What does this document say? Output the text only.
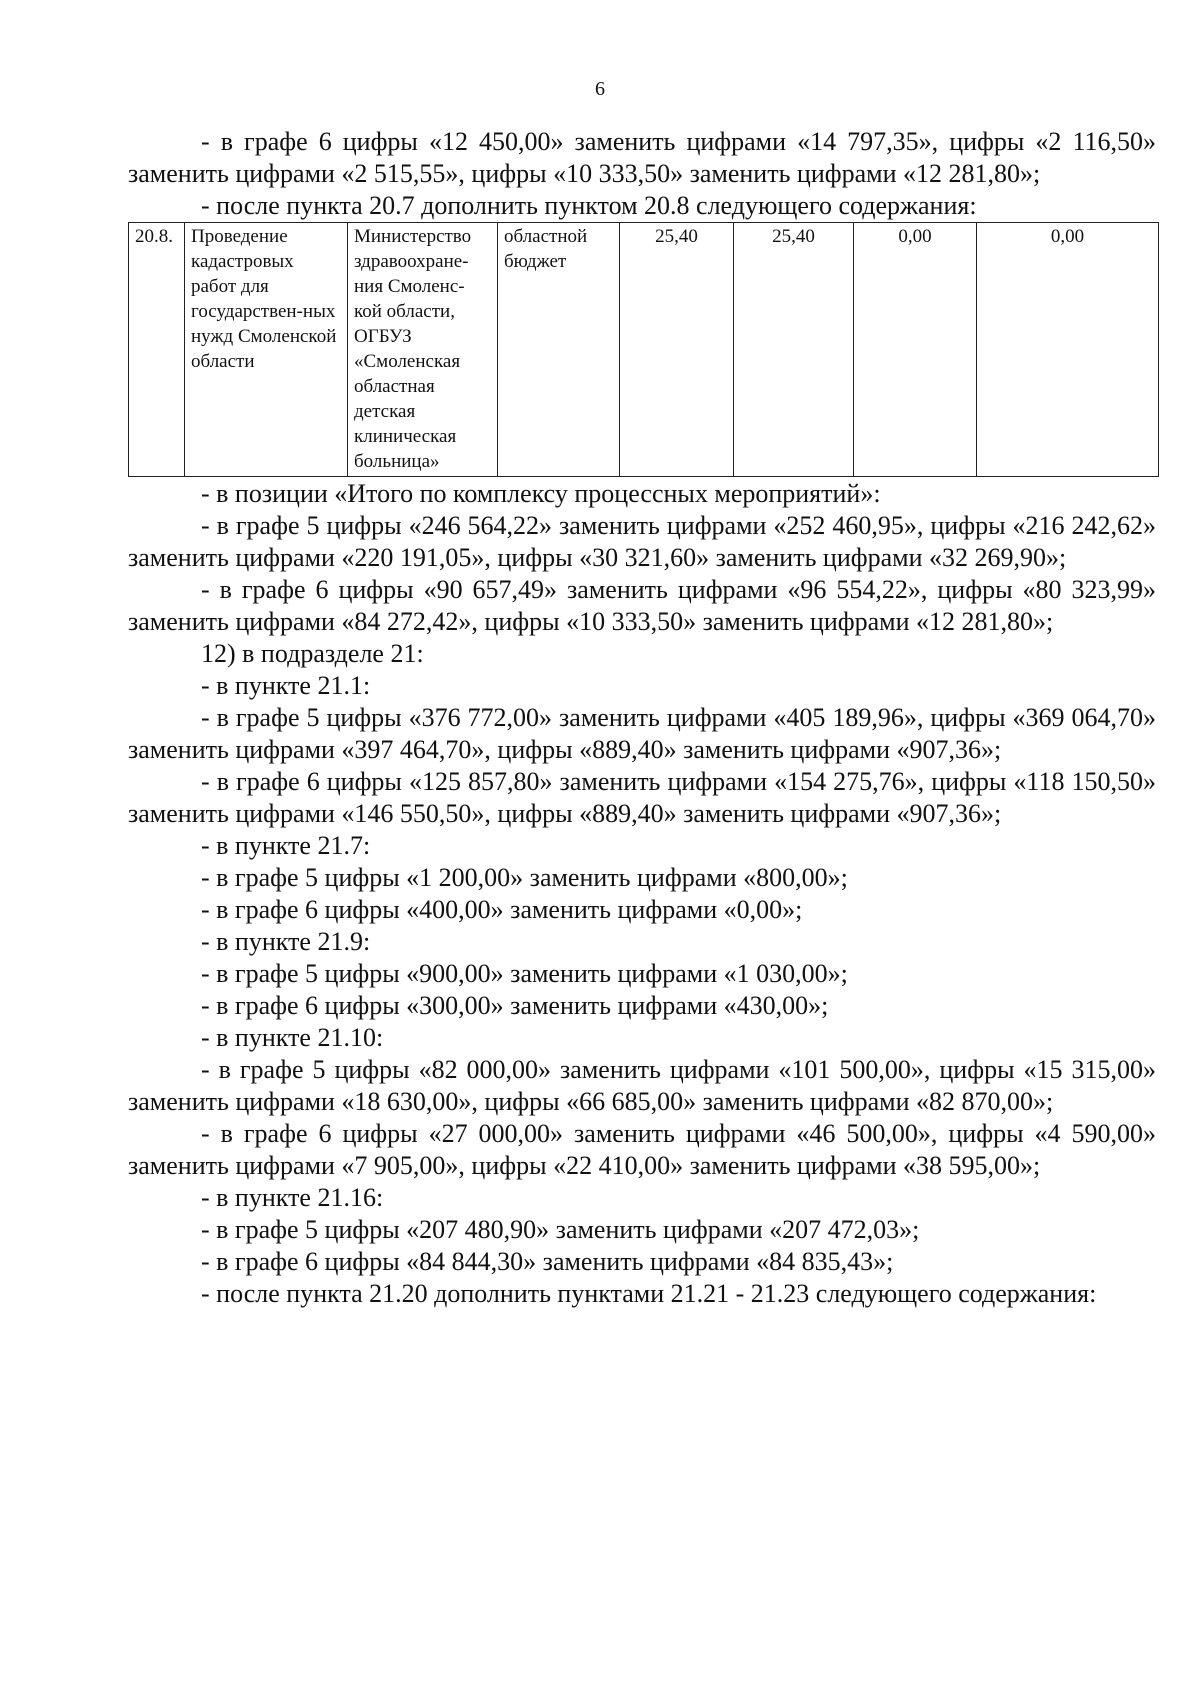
6

- в графе 6 цифры «12 450,00» заменить цифрами «14 797,35», цифры «2 116,50» заменить цифрами «2 515,55», цифры «10 333,50» заменить цифрами «12 281,80»;

- после пункта 20.7 дополнить пунктом 20.8 следующего содержания:

20.8.	Проведение кадастровых работ для государствен-ных нужд Смоленской области	Министерство здравоохране-ния Смоленс-кой области, ОГБУЗ «Смоленская областная детская клиническая больница»	областной бюджет	25,40	25,40	0,00	0,00

- в позиции «Итого по комплексу процессных мероприятий»:

- в графе 5 цифры «246 564,22» заменить цифрами «252 460,95», цифры «216 242,62» заменить цифрами «220 191,05», цифры «30 321,60» заменить цифрами «32 269,90»;

- в графе 6 цифры «90 657,49» заменить цифрами «96 554,22», цифры «80 323,99» заменить цифрами «84 272,42», цифры «10 333,50» заменить цифрами «12 281,80»;

12) в подразделе 21:

- в пункте 21.1:

- в графе 5 цифры «376 772,00» заменить цифрами «405 189,96», цифры «369 064,70» заменить цифрами «397 464,70», цифры «889,40» заменить цифрами «907,36»;

- в графе 6 цифры «125 857,80» заменить цифрами «154 275,76», цифры «118 150,50» заменить цифрами «146 550,50», цифры «889,40» заменить цифрами «907,36»;

- в пункте 21.7:

- в графе 5 цифры «1 200,00» заменить цифрами «800,00»;

- в графе 6 цифры «400,00» заменить цифрами «0,00»;

- в пункте 21.9:

- в графе 5 цифры «900,00» заменить цифрами «1 030,00»;

- в графе 6 цифры «300,00» заменить цифрами «430,00»;

- в пункте 21.10:

- в графе 5 цифры «82 000,00» заменить цифрами «101 500,00», цифры «15 315,00» заменить цифрами «18 630,00», цифры «66 685,00» заменить цифрами «82 870,00»;

- в графе 6 цифры «27 000,00» заменить цифрами «46 500,00», цифры «4 590,00» заменить цифрами «7 905,00», цифры «22 410,00» заменить цифрами «38 595,00»;

- в пункте 21.16:

- в графе 5 цифры «207 480,90» заменить цифрами «207 472,03»;

- в графе 6 цифры «84 844,30» заменить цифрами «84 835,43»;

- после пункта 21.20 дополнить пунктами 21.21 - 21.23 следующего содержания:
